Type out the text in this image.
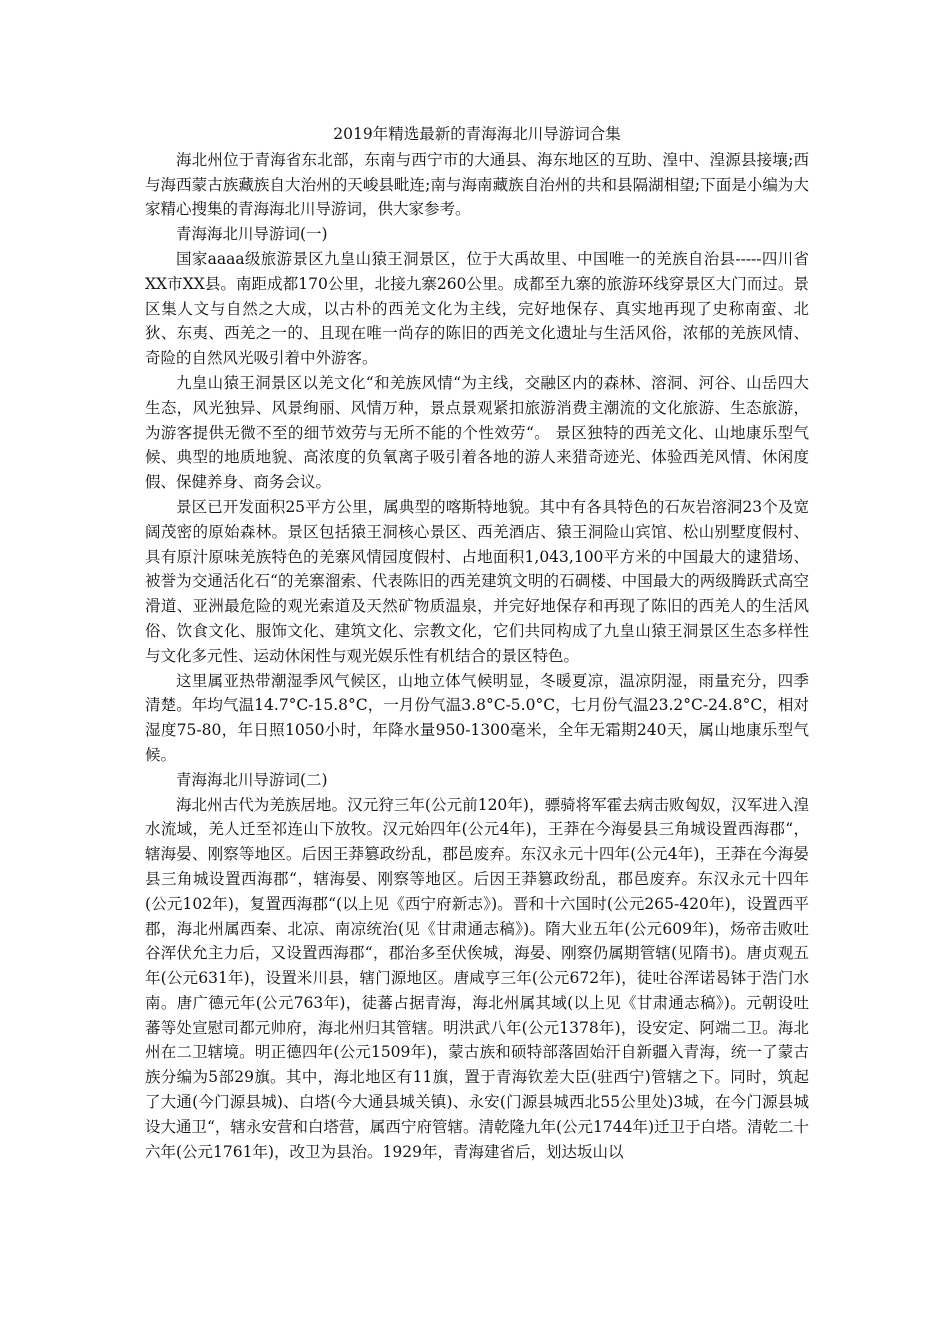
2019年精选最新的青海海北川导游词合集

海北州位于青海省东北部，东南与西宁市的大通县、海东地区的互助、湟中、湟源县接壤;西与海西蒙古族藏族自大治州的天峻县毗连;南与海南藏族自治州的共和县隔湖相望;下面是小编为大家精心搜集的青海海北川导游词，供大家参考。

青海海北川导游词(一)

国家aaaa级旅游景区九皇山猿王洞景区，位于大禹故里、中国唯一的羌族自治县-----四川省XX市XX县。南距成都170公里，北接九寨260公里。成都至九寨的旅游环线穿景区大门而过。景区集人文与自然之大成，以古朴的西羌文化为主线，完好地保存、真实地再现了史称南蛮、北狄、东夷、西羌之一的、且现在唯一尚存的陈旧的西羌文化遗址与生活风俗，浓郁的羌族风情、奇险的自然风光吸引着中外游客。

九皇山猿王洞景区以羌文化“和羌族风情“为主线，交融区内的森林、溶洞、河谷、山岳四大生态，风光独异、风景绚丽、风情万种，景点景观紧扣旅游消费主潮流的文化旅游、生态旅游，为游客提供无微不至的细节效劳与无所不能的个性效劳“。 景区独特的西羌文化、山地康乐型气候、典型的地质地貌、高浓度的负氧离子吸引着各地的游人来猎奇迹光、体验西羌风情、休闲度假、保健养身、商务会议。

景区已开发面积25平方公里，属典型的喀斯特地貌。其中有各具特色的石灰岩溶洞23个及宽阔茂密的原始森林。景区包括猿王洞核心景区、西羌酒店、猿王洞险山宾馆、松山别墅度假村、具有原汁原味羌族特色的羌寨风情园度假村、占地面积1,043,100平方米的中国最大的逮猎场、被誉为交通活化石“的羌寨溜索、代表陈旧的西羌建筑文明的石碉楼、中国最大的两级腾跃式高空滑道、亚洲最危险的观光索道及天然矿物质温泉，并完好地保存和再现了陈旧的西羌人的生活风俗、饮食文化、服饰文化、建筑文化、宗教文化，它们共同构成了九皇山猿王洞景区生态多样性与文化多元性、运动休闲性与观光娱乐性有机结合的景区特色。

这里属亚热带潮湿季风气候区，山地立体气候明显，冬暖夏凉，温凉阴湿，雨量充分，四季清楚。年均气温14.7°C-15.8°C，一月份气温3.8°C-5.0°C，七月份气温23.2°C-24.8°C，相对湿度75-80，年日照1050小时，年降水量950-1300毫米，全年无霜期240天，属山地康乐型气候。

青海海北川导游词(二)

海北州古代为羌族居地。汉元狩三年(公元前120年)，骠骑将军霍去病击败匈奴，汉军进入湟水流域，羌人迁至祁连山下放牧。汉元始四年(公元4年)，王莽在今海晏县三角城设置西海郡“，辖海晏、刚察等地区。后因王莽篡政纷乱，郡邑废弃。东汉永元十四年(公元4年)，王莽在今海晏县三角城设置西海郡“，辖海晏、刚察等地区。后因王莽篡政纷乱，郡邑废弃。东汉永元十四年(公元102年)，复置西海郡“(以上见《西宁府新志》)。晋和十六国时(公元265-420年)，设置西平郡，海北州属西秦、北凉、南凉统治(见《甘肃通志稿》)。隋大业五年(公元609年)，炀帝击败吐谷浑伏允主力后，又设置西海郡“，郡治多至伏俟城，海晏、刚察仍属期管辖(见隋书)。唐贞观五年(公元631年)，设置米川县，辖门源地区。唐咸亨三年(公元672年)，徒吐谷浑诺曷钵于浩门水南。唐广德元年(公元763年)，徒蕃占据青海，海北州属其域(以上见《甘肃通志稿》)。元朝设吐蕃等处宣慰司都元帅府，海北州归其管辖。明洪武八年(公元1378年)，设安定、阿端二卫。海北州在二卫辖境。明正德四年(公元1509年)，蒙古族和硕特部落固始汗自新疆入青海，统一了蒙古族分编为5部29旗。其中，海北地区有11旗，置于青海钦差大臣(驻西宁)管辖之下。同时，筑起了大通(今门源县城)、白塔(今大通县城关镇)、永安(门源县城西北55公里处)3城，在今门源县城设大通卫“，辖永安营和白塔营，属西宁府管辖。清乾隆九年(公元1744年)迁卫于白塔。清乾二十六年(公元1761年)，改卫为县治。1929年，青海建省后，划达坂山以
